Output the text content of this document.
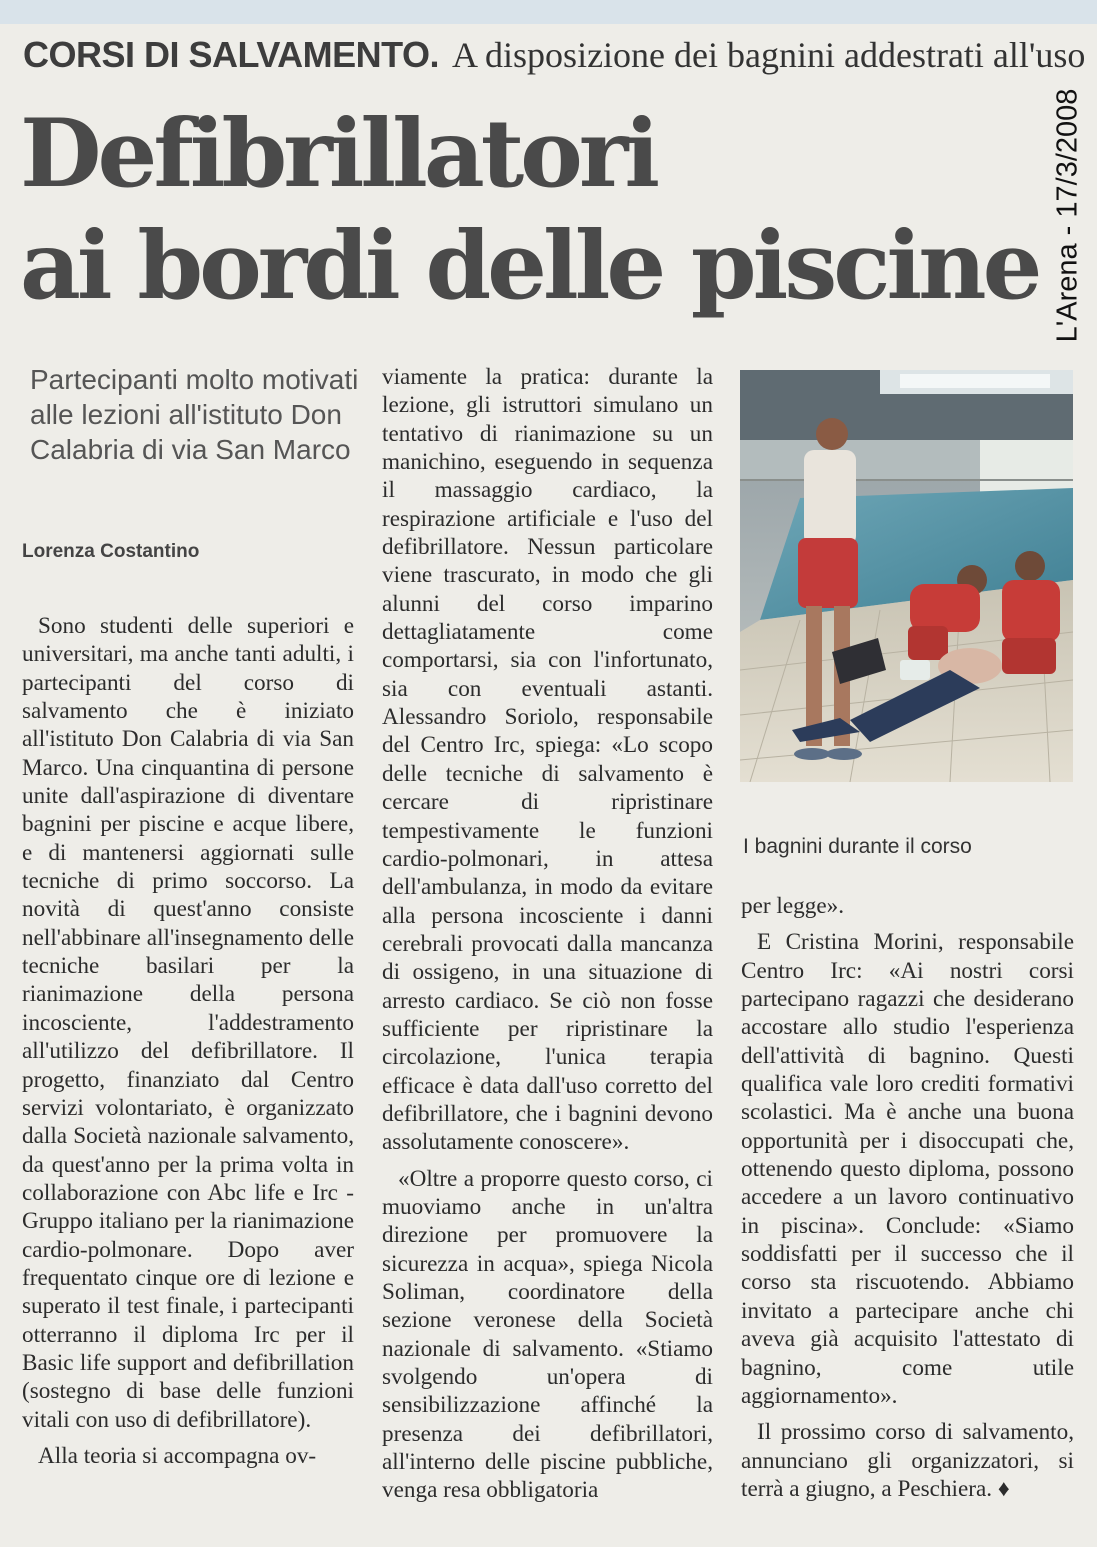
L'Arena - 17/3/2008
CORSI DI SALVAMENTO. A disposizione dei bagnini addestrati all'uso
Defibrillatori
ai bordi delle piscine
Partecipanti molto motivati alle lezioni all'istituto Don Calabria di via San Marco
Lorenza Costantino

Sono studenti delle superiori e universitari, ma anche tanti adulti, i partecipanti del corso di salvamento che è iniziato all'istituto Don Calabria di via San Marco. Una cinquantina di persone unite dall'aspirazione di diventare bagnini per piscine e acque libere, e di mantenersi aggiornati sulle tecniche di primo soccorso. La novità di quest'anno consiste nell'abbinare all'insegnamento delle tecniche basilari per la rianimazione della persona incosciente, l'addestramento all'utilizzo del defibrillatore. Il progetto, finanziato dal Centro servizi volontariato, è organizzato dalla Società nazionale salvamento, da quest'anno per la prima volta in collaborazione con Abc life e Irc - Gruppo italiano per la rianimazione cardio-polmonare. Dopo aver frequentato cinque ore di lezione e superato il test finale, i partecipanti otterranno il diploma Irc per il Basic life support and defibrillation (sostegno di base delle funzioni vitali con uso di defibrillatore).

Alla teoria si accompagna ov-

viamente la pratica: durante la lezione, gli istruttori simulano un tentativo di rianimazione su un manichino, eseguendo in sequenza il massaggio cardiaco, la respirazione artificiale e l'uso del defibrillatore. Nessun particolare viene trascurato, in modo che gli alunni del corso imparino dettagliatamente come comportarsi, sia con l'infortunato, sia con eventuali astanti. Alessandro Soriolo, responsabile del Centro Irc, spiega: «Lo scopo delle tecniche di salvamento è cercare di ripristinare tempestivamente le funzioni cardio-polmonari, in attesa dell'ambulanza, in modo da evitare alla persona incosciente i danni cerebrali provocati dalla mancanza di ossigeno, in una situazione di arresto cardiaco. Se ciò non fosse sufficiente per ripristinare la circolazione, l'unica terapia efficace è data dall'uso corretto del defibrillatore, che i bagnini devono assolutamente conoscere».

«Oltre a proporre questo corso, ci muoviamo anche in un'altra direzione per promuovere la sicurezza in acqua», spiega Nicola Soliman, coordinatore della sezione veronese della Società nazionale di salvamento. «Stiamo svolgendo un'opera di sensibilizzazione affinché la presenza dei defibrillatori, all'interno delle piscine pubbliche, venga resa obbligatoria

I bagnini durante il corso

per legge».

E Cristina Morini, responsabile Centro Irc: «Ai nostri corsi partecipano ragazzi che desiderano accostare allo studio l'esperienza dell'attività di bagnino. Questi qualifica vale loro crediti formativi scolastici. Ma è anche una buona opportunità per i disoccupati che, ottenendo questo diploma, possono accedere a un lavoro continuativo in piscina». Conclude: «Siamo soddisfatti per il successo che il corso sta riscuotendo. Abbiamo invitato a partecipare anche chi aveva già acquisito l'attestato di bagnino, come utile aggiornamento».

Il prossimo corso di salvamento, annunciano gli organizzatori, si terrà a giugno, a Peschiera. ♦
